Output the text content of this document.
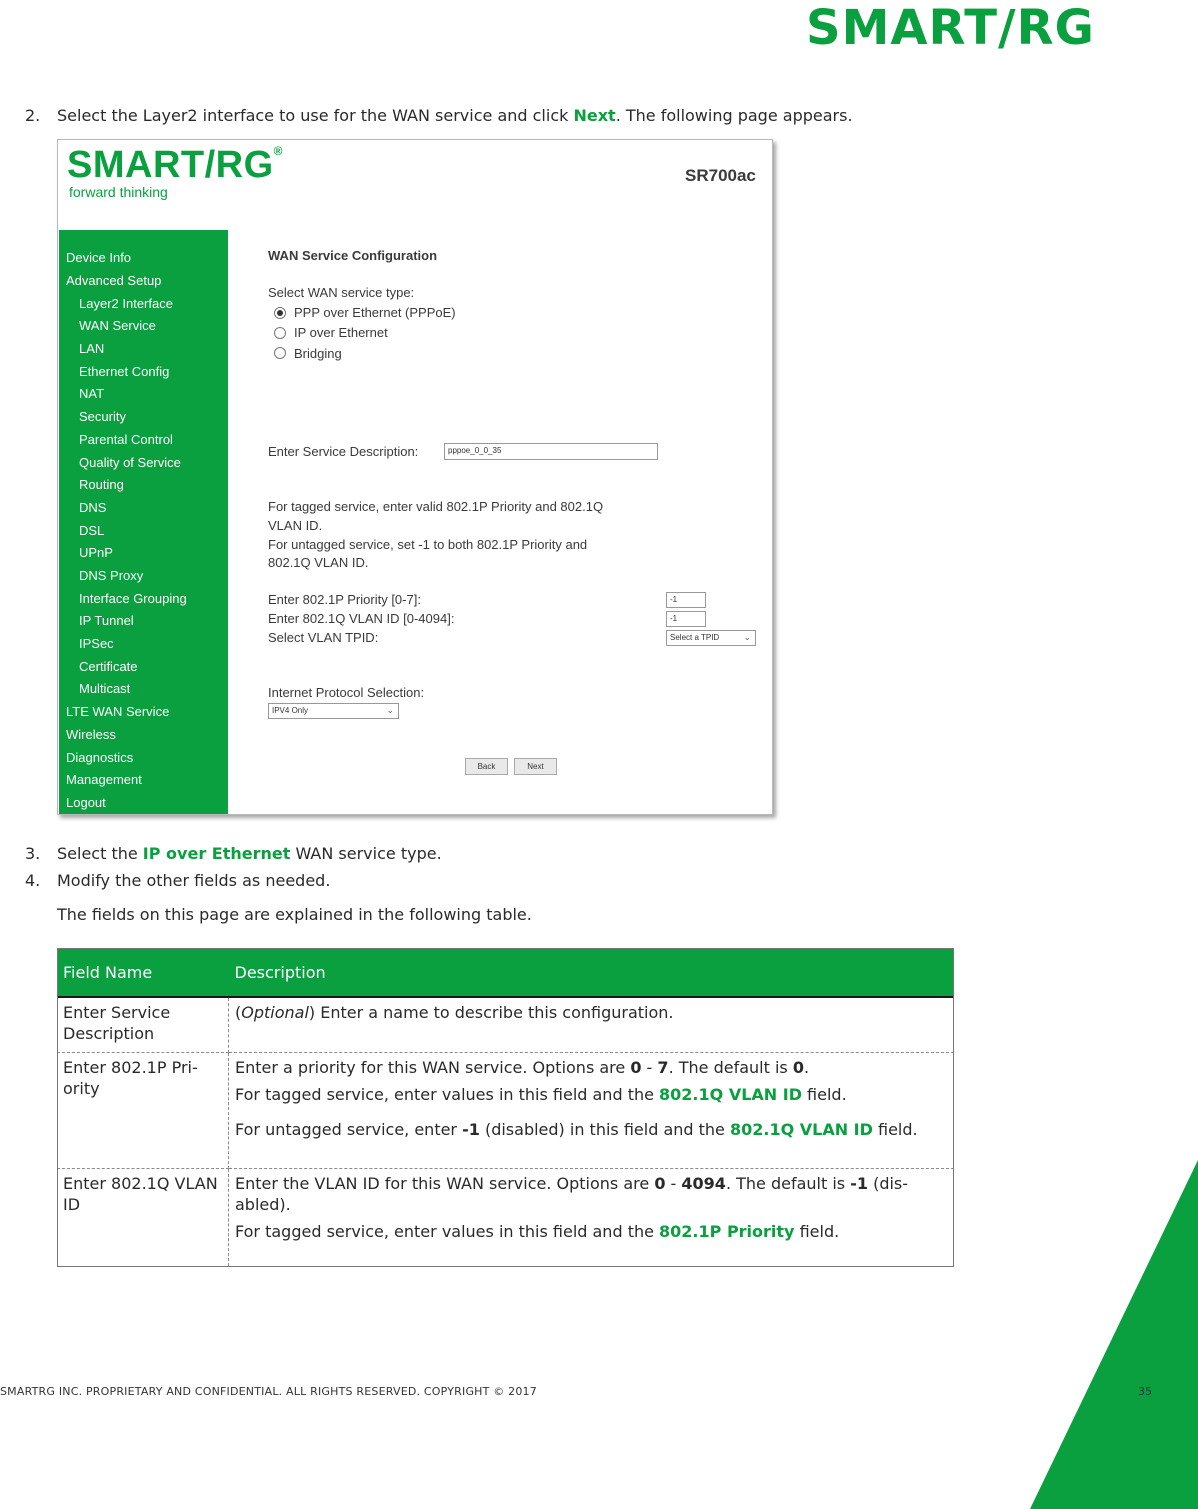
SMART/RG
2. Select the Layer2 interface to use for the WAN service and click Next. The following page appears.
SMART/RG®
forward thinking
SR700ac
Device Info
Advanced Setup
Layer2 Interface
WAN Service
LAN
Ethernet Config
NAT
Security
Parental Control
Quality of Service
Routing
DNS
DSL
UPnP
DNS Proxy
Interface Grouping
IP Tunnel
IPSec
Certificate
Multicast
LTE WAN Service
Wireless
Diagnostics
Management
Logout
WAN Service Configuration
Select WAN service type:
PPP over Ethernet (PPPoE)
IP over Ethernet
Bridging
Enter Service Description:	pppoe_0_0_35
For tagged service, enter valid 802.1P Priority and 802.1Q
VLAN ID.
For untagged service, set -1 to both 802.1P Priority and
802.1Q VLAN ID.
Enter 802.1P Priority [0-7]:	-1
Enter 802.1Q VLAN ID [0-4094]:	-1
Select VLAN TPID:	Select a TPID	⌄
Internet Protocol Selection:
IPV4 Only	⌄
Back	Next
3. Select the IP over Ethernet WAN service type.
4. Modify the other fields as needed.
The fields on this page are explained in the following table.
Field Name	Description
Enter Service Description	(Optional) Enter a name to describe this configuration.
Enter 802.1P Pri-ority	Enter a priority for this WAN service. Options are 0 - 7. The default is 0.

For tagged service, enter values in this field and the 802.1Q VLAN ID field.

For untagged service, enter -1 (disabled) in this field and the 802.1Q VLAN ID field.

Enter 802.1Q VLAN ID	Enter the VLAN ID for this WAN service. Options are 0 - 4094. The default is -1 (dis-abled).

For tagged service, enter values in this field and the 802.1P Priority field.

SMARTRG INC. PROPRIETARY AND CONFIDENTIAL. ALL RIGHTS RESERVED. COPYRIGHT © 2017	35
